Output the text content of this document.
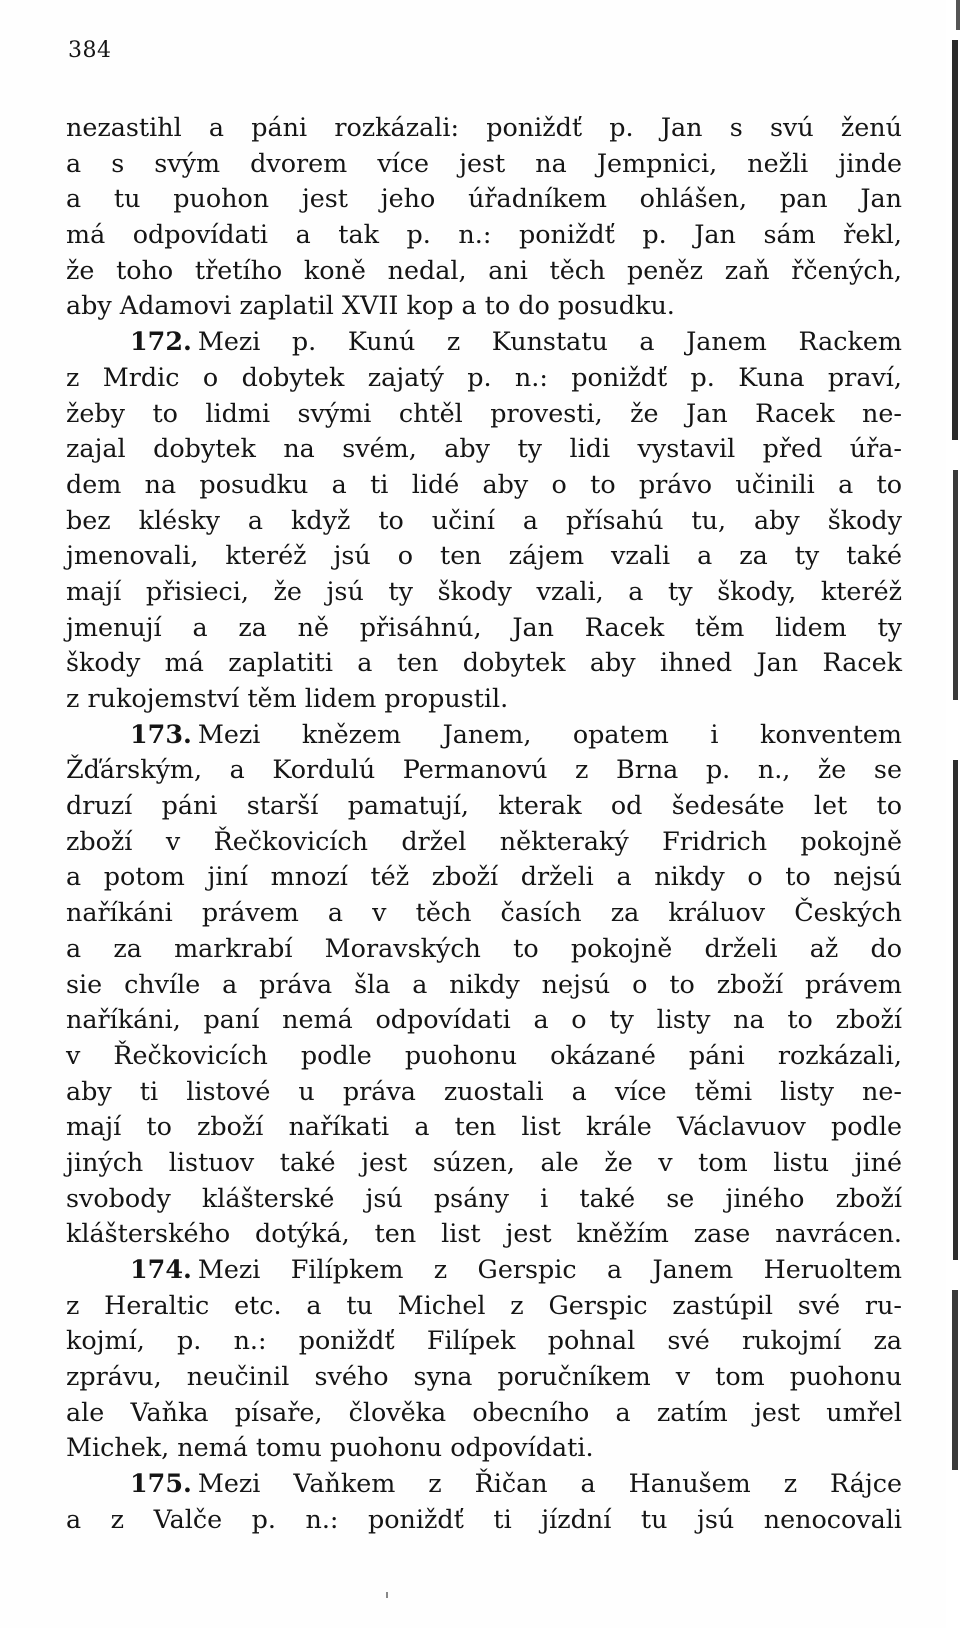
384
nezastihl a páni rozkázali: poniždť p. Jan s svú ženú
a s svým dvorem více jest na Jempnici, nežli jinde
a tu puohon jest jeho úřadníkem ohlášen, pan Jan
má odpovídati a tak p. n.: poniždť p. Jan sám řekl,
že toho třetího koně nedal, ani těch peněz zaň řčených,
aby Adamovi zaplatil XVII kop a to do posudku.
172. Mezi p. Kunú z Kunstatu a Janem Rackem
z Mrdic o dobytek zajatý p. n.: poniždť p. Kuna praví,
žeby to lidmi svými chtěl provesti, že Jan Racek ne-
zajal dobytek na svém, aby ty lidi vystavil před úřa-
dem na posudku a ti lidé aby o to právo učinili a to
bez klésky a když to učiní a přísahú tu, aby škody
jmenovali, kteréž jsú o ten zájem vzali a za ty také
mají přisieci, že jsú ty škody vzali, a ty škody, kteréž
jmenují a za ně přisáhnú, Jan Racek těm lidem ty
škody má zaplatiti a ten dobytek aby ihned Jan Racek
z rukojemství těm lidem propustil.
173. Mezi knězem Janem, opatem i konventem
Žďárským, a Kordulú Permanovú z Brna p. n., že se
druzí páni starší pamatují, kterak od šedesáte let to
zboží v Řečkovicích držel některaký Fridrich pokojně
a potom jiní mnozí též zboží drželi a nikdy o to nejsú
naříkáni právem a v těch časích za králuov Českých
a za markrabí Moravských to pokojně drželi až do
sie chvíle a práva šla a nikdy nejsú o to zboží právem
naříkáni, paní nemá odpovídati a o ty listy na to zboží
v Řečkovicích podle puohonu okázané páni rozkázali,
aby ti listové u práva zuostali a více těmi listy ne-
mají to zboží naříkati a ten list krále Václavuov podle
jiných listuov také jest súzen, ale že v tom listu jiné
svobody klášterské jsú psány i také se jiného zboží
klášterského dotýká, ten list jest kněžím zase navrácen.
174. Mezi Filípkem z Gerspic a Janem Heruoltem
z Heraltic etc. a tu Michel z Gerspic zastúpil své ru-
kojmí, p. n.: poniždť Filípek pohnal své rukojmí za
zprávu, neučinil svého syna poručníkem v tom puohonu
ale Vaňka písaře, člověka obecního a zatím jest umřel
Michek, nemá tomu puohonu odpovídati.
175. Mezi Vaňkem z Řičan a Hanušem z Rájce
a z Valče p. n.: poniždť ti jízdní tu jsú nenocovali
